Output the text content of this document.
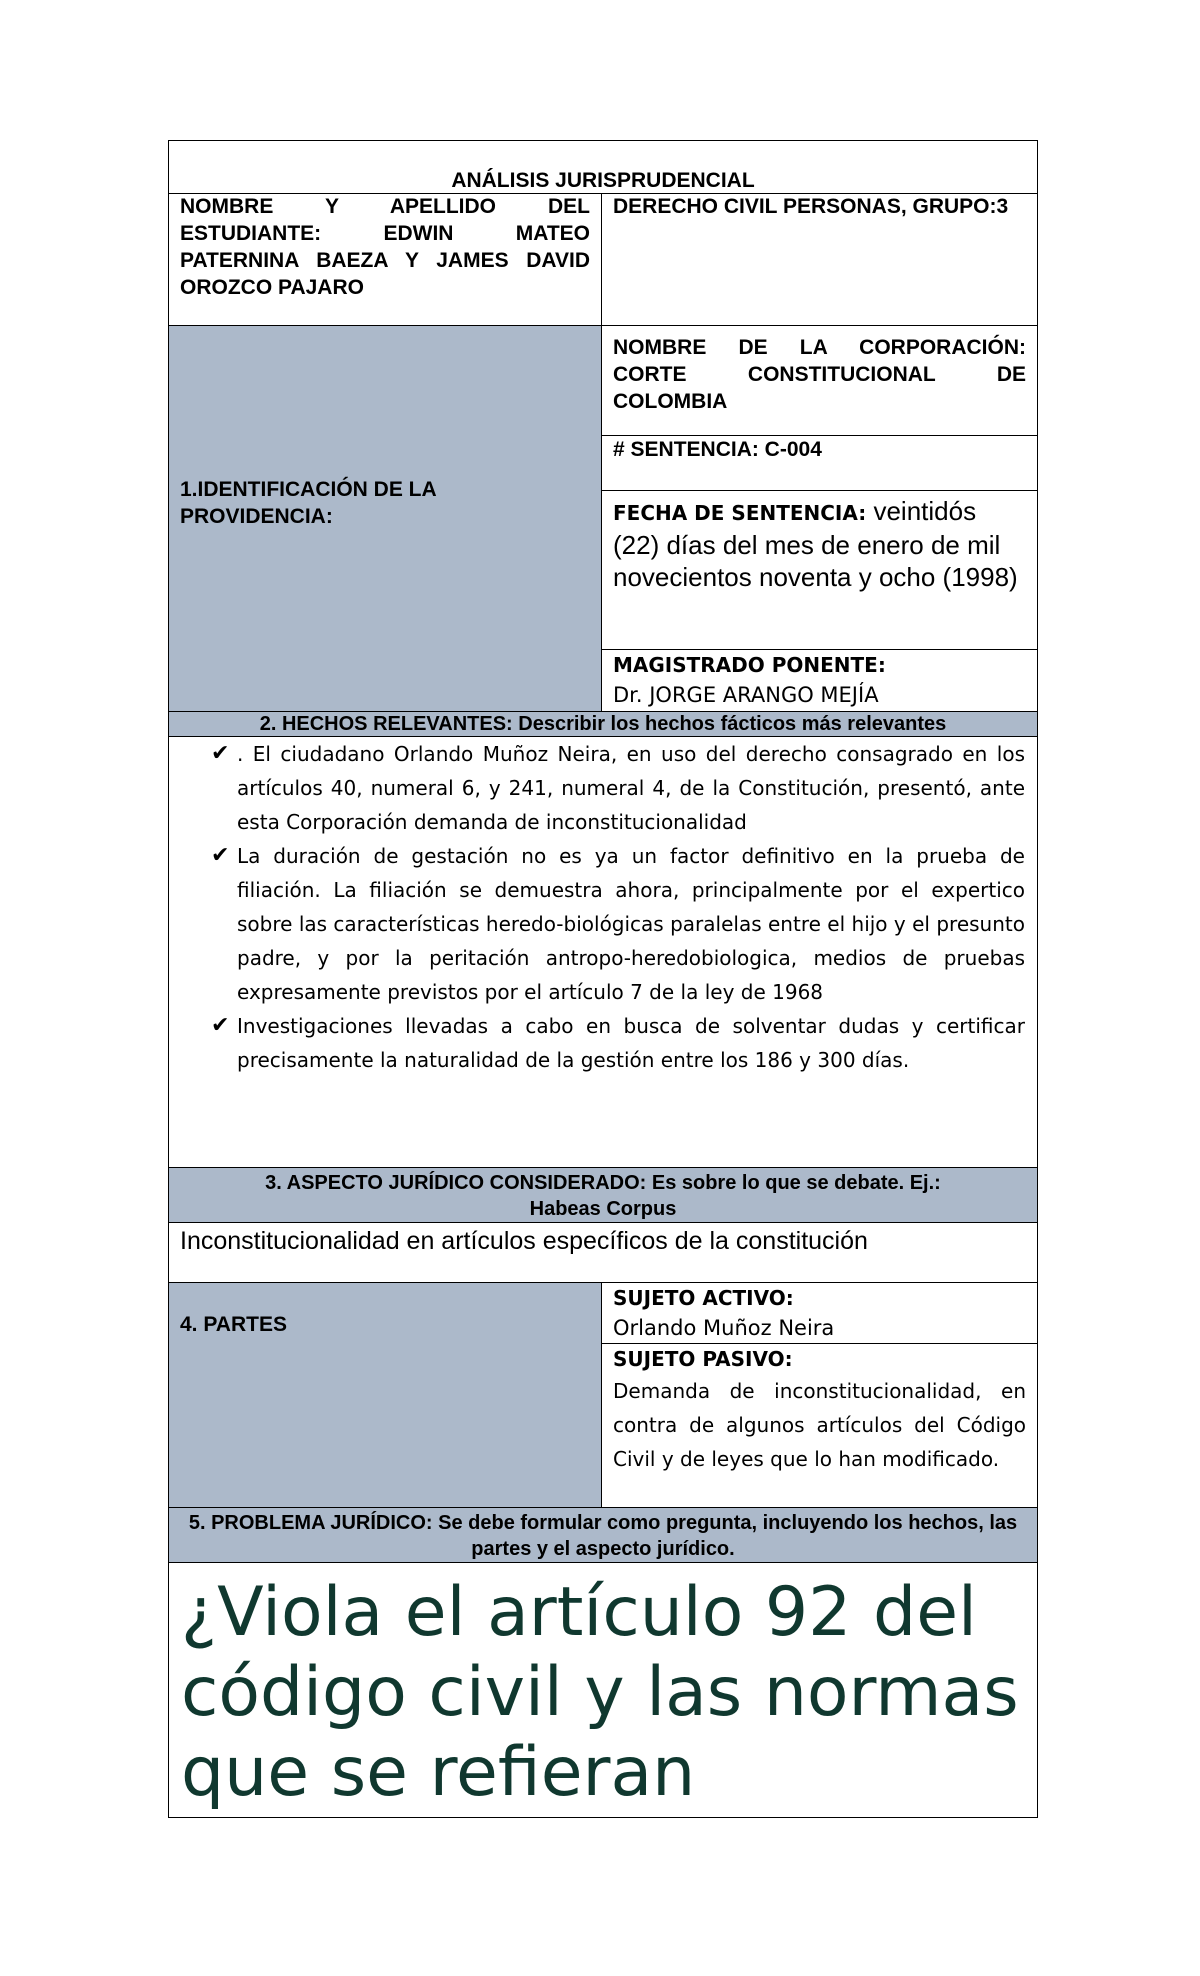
ANÁLISIS JURISPRUDENCIAL
NOMBRE Y APELLIDO DEL ESTUDIANTE: EDWIN MATEO PATERNINA BAEZA Y JAMES DAVID OROZCO PAJARO
DERECHO CIVIL PERSONAS, GRUPO:3
1.IDENTIFICACIÓN DE LA PROVIDENCIA:
NOMBRE DE LA CORPORACIÓN: CORTE CONSTITUCIONAL DE COLOMBIA
# SENTENCIA: C-004
FECHA DE SENTENCIA: veintidós (22) días del mes de enero de mil novecientos noventa y ocho (1998)
MAGISTRADO PONENTE:
Dr. JORGE ARANGO MEJÍA
2. HECHOS RELEVANTES: Describir los hechos fácticos más relevantes
✔ . El ciudadano Orlando Muñoz Neira, en uso del derecho consagrado en los artículos 40, numeral 6, y 241, numeral 4, de la Constitución, presentó, ante esta Corporación demanda de inconstitucionalidad
✔ La duración de gestación no es ya un factor definitivo en la prueba de filiación. La filiación se demuestra ahora, principalmente por el expertico sobre las características heredo-biológicas paralelas entre el hijo y el presunto padre, y por la peritación antropo-heredobiologica, medios de pruebas expresamente previstos por el artículo 7 de la ley de 1968
✔ Investigaciones llevadas a cabo en busca de solventar dudas y certificar precisamente la naturalidad de la gestión entre los 186 y 300 días.
3. ASPECTO JURÍDICO CONSIDERADO: Es sobre lo que se debate. Ej.: Habeas Corpus
Inconstitucionalidad en artículos específicos de la constitución
4. PARTES
SUJETO ACTIVO:
Orlando Muñoz Neira
SUJETO PASIVO:
Demanda de inconstitucionalidad, en contra de algunos artículos del Código Civil y de leyes que lo han modificado.
5. PROBLEMA JURÍDICO: Se debe formular como pregunta, incluyendo los hechos, las partes y el aspecto jurídico.
¿Viola el artículo 92 del código civil y las normas que se refieran
